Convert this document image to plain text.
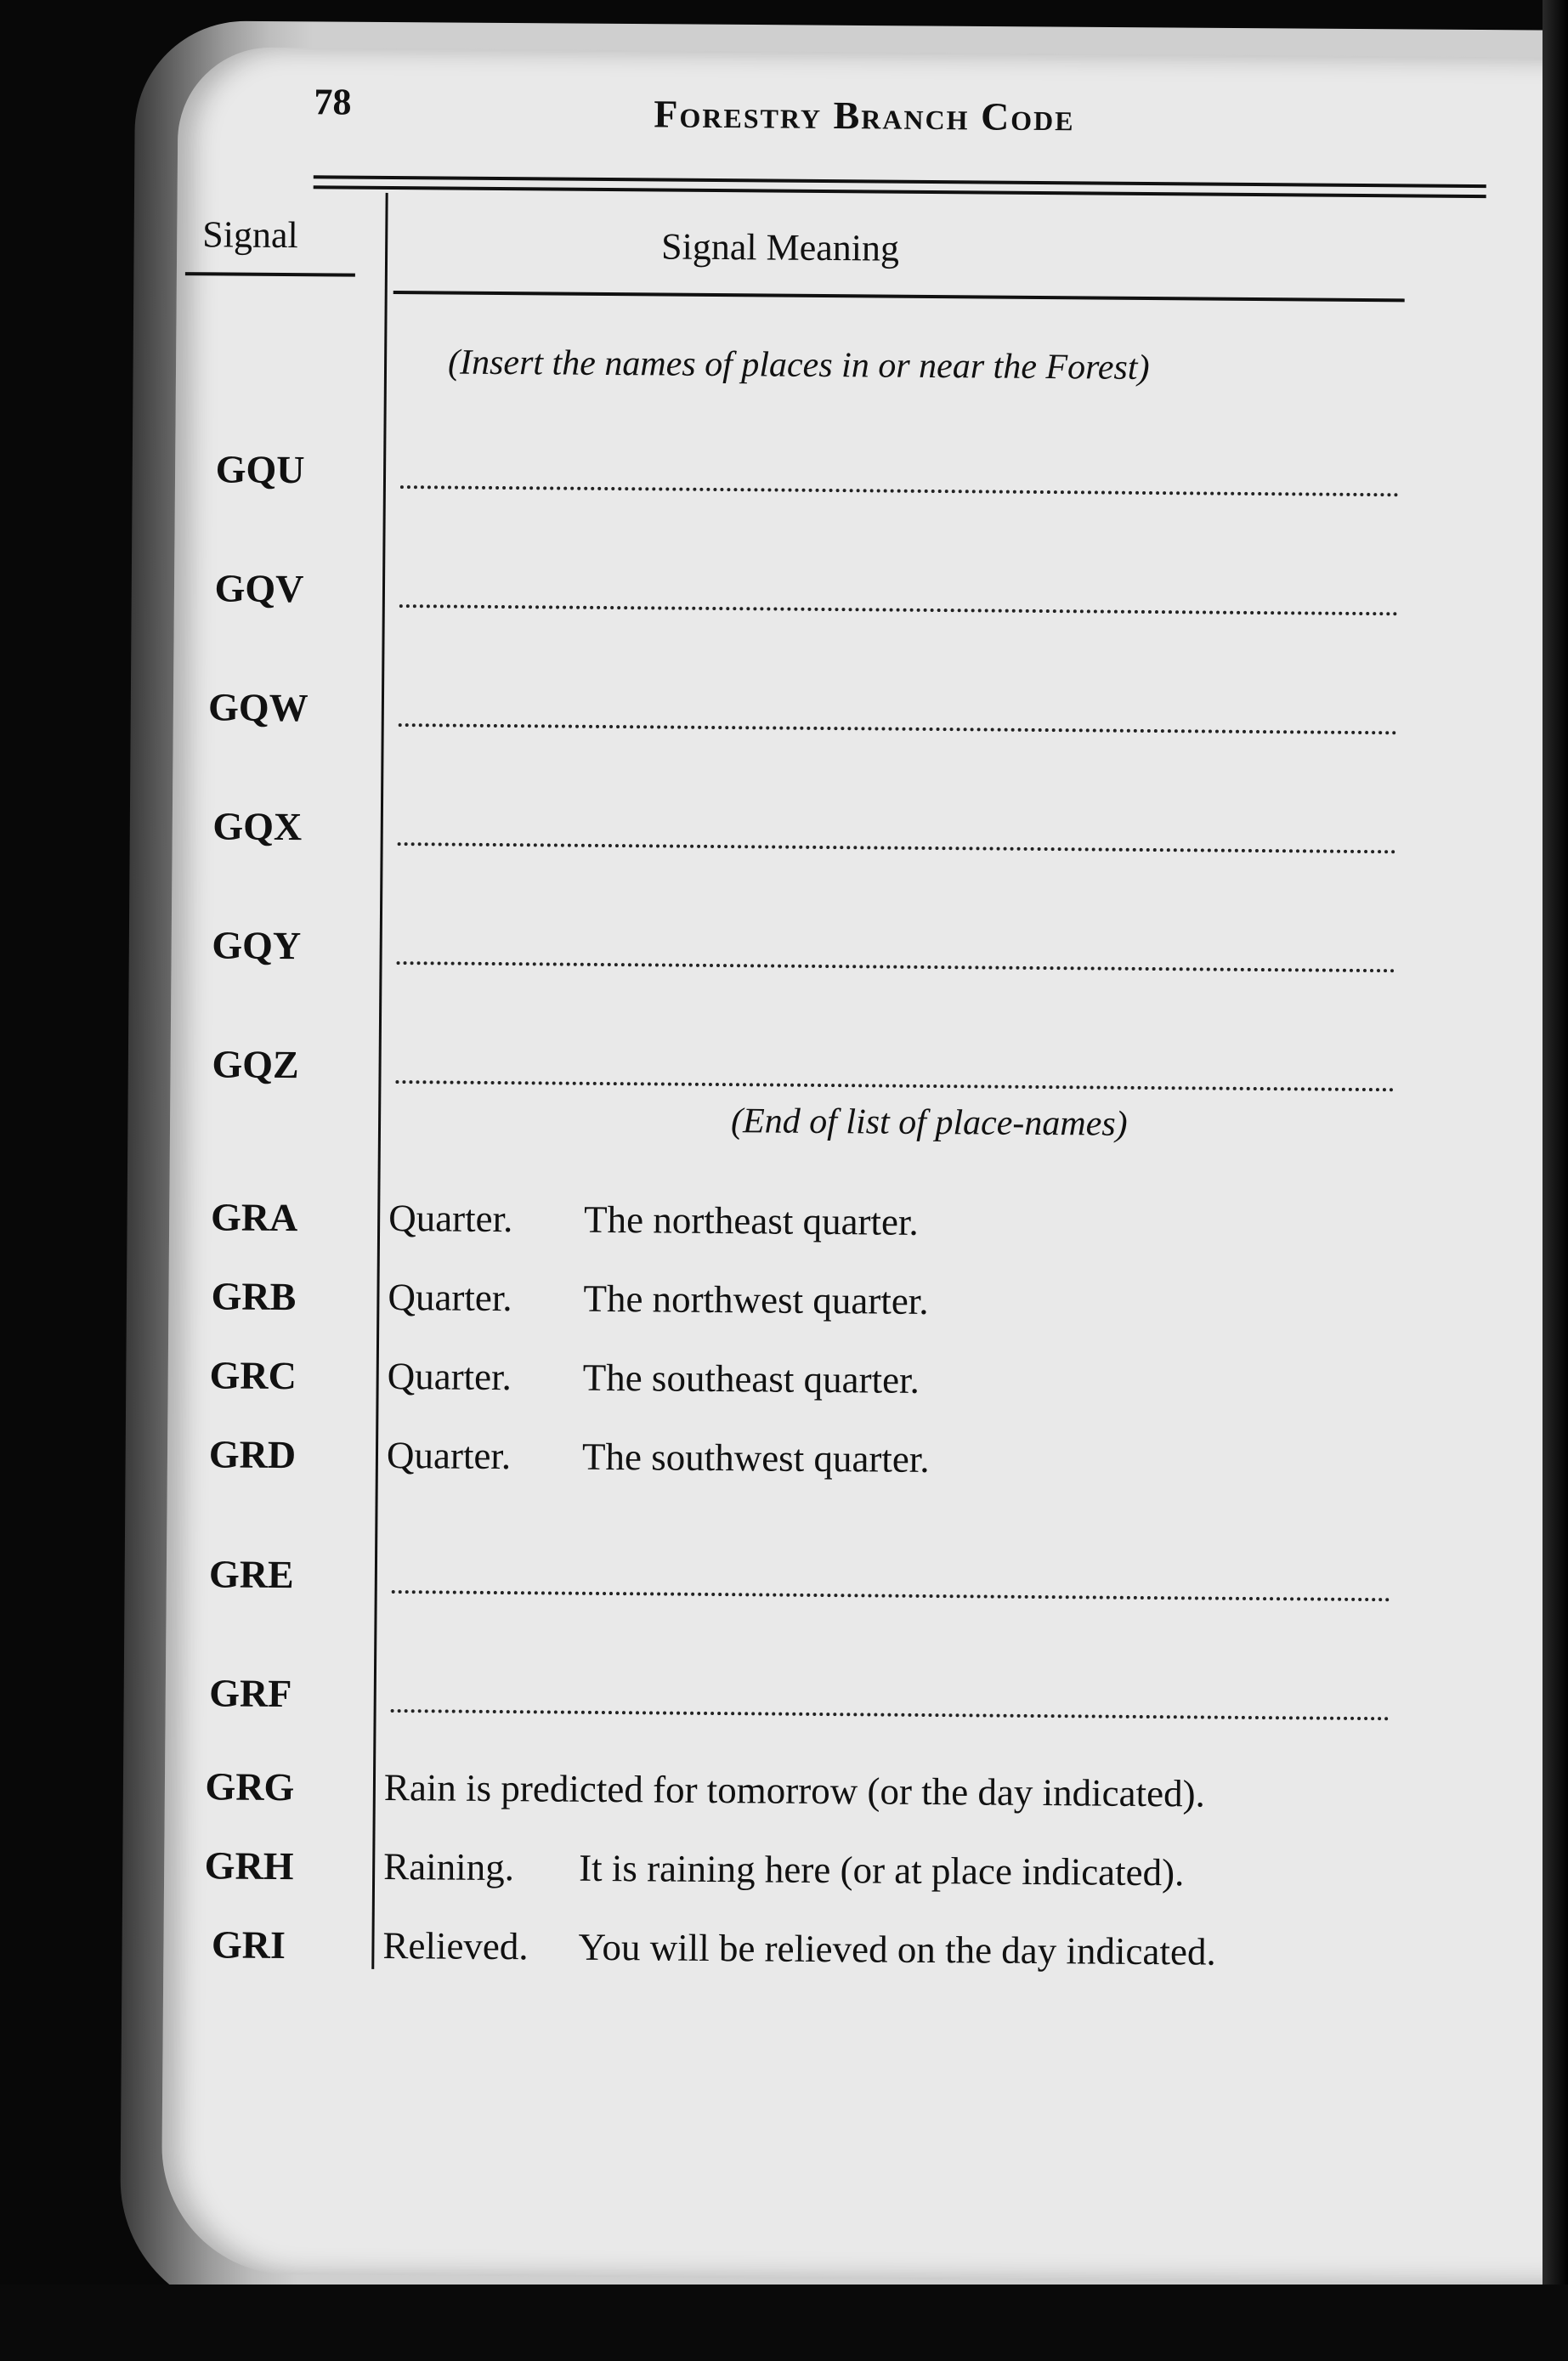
78	Forestry Branch Code
Signal	Signal Meaning
(Insert the names of places in or near the Forest)
GQU
GQV
GQW
GQX
GQY
GQZ
(End of list of place-names)
GRA	Quarter. The northeast quarter.
GRB	Quarter. The northwest quarter.
GRC	Quarter. The southeast quarter.
GRD	Quarter. The southwest quarter.
GRE
GRF
GRG	Rain is predicted for tomorrow (or the day indicated).
GRH	Raining. It is raining here (or at place indicated).
GRI	Relieved. You will be relieved on the day indicated.
